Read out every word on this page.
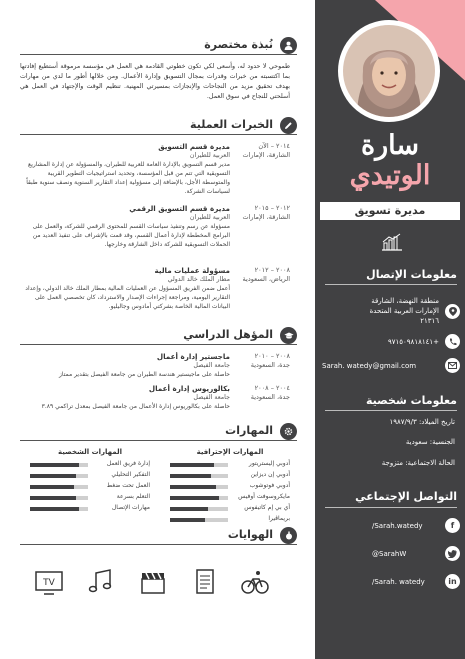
سارة
الوتيدي
مديرة تسويق
معلومات الإتصال
منطقة النهضة، الشارقة
الإمارات العربية المتحدة
٢١٣١٦
+٩٧١٥٠٩٨١٨١٤١
Sarah. watedy@gmail.com
معلومات شخصية
تاريخ الميلاد: ١٩٨٧/٩/٣
الجنسية: سعودية
الحالة الاجتماعية: متزوجة
التواصل الإجتماعي
/Sarah.watedy	f
@SarahW
/Sarah. watedy	in
نُبذة مختصرة
طموحي لا حدود له، وأسعى لكي تكون خطوتي القادمة هي العمل في مؤسسة مرموقة أستطيع إفادتها بما اكتسبته من خبرات وقدرات بمجال التسويق وإدارة الأعمال. ومن خلالها أطور ما لدي من مهارات بهدف تحقيق مزيد من النجاحات والإنجازات بمسيرتي المهنية. تنظيم الوقت والإجتهاد في العمل هي أسلحتي للنجاح في سوق العمل.
الخبرات العملية
٢٠١٤ – الآن
الشارقة، الإمارات
مديرة قسم التسويق
العربية للطيران
مدير قسم التسويق بالإدارة العامة للعربية للطيران، والمسؤولة عن إدارة المشاريع التسويقية التي تتم من قبل المؤسسة، وتحديد استراتيجيات التطوير القريبة والمتوسطة الأجل، بالإضافة إلى مسؤولية إعداد التقارير السنوية ونصف سنوية طبقاً لسياسات الشركة.
٢٠١٢ – ٢٠١٥
الشارقة، الإمارات
مديرة قسم التسويق الرقمي
العربية للطيران
مسؤولة عن رسم وتنفيذ سياسات القسم للمحتوى الرقمي للشركة، والعمل على البرامج المخططة لإدارة أعمال القسم، وقد قمت بالإشراف على تنفيذ العديد من الحملات التسويقية للشركة داخل الشارقة وخارجها.
٢٠٠٨ – ٢٠١٢
الرياض، السعودية
مسؤولة عمليات مالية
مطار الملك خالد الدولي
أعمل ضمن الفريق المسؤول عن العمليات المالية بمطار الملك خالد الدولي، وإعداد التقارير اليومية، ومراجعة إجراءات الإصدار والاسترداد، كان تخصصي العمل على البيانات المالية الخاصة بشركتي أمادوس وجاليليو.
المؤهل الدراسي
٢٠٠٨ – ٢٠١٠
جدة، السعودية
ماجستير إدارة أعمال
جامعة الفيصل
حاصلة على ماجيستير هندسة الطيران من جامعة الفيصل بتقدير ممتاز
٢٠٠٤ – ٢٠٠٨
جدة، السعودية
بكالوريوس إدارة أعمال
جامعة الفيصل
حاصلة على بكالوريوس إدارة الأعمال من جامعة الفيصل بمعدل تراكمي ٣.٨٩
المهارات
المهارات الإحترافية
أدوبي إليستريتور
أدوبي إن ديزاين
أدوبي فوتوشوب
مايكروسوفت أوفيس
أي بي إم كاتيفوس
بريماڤيرا
المهارات الشخصية
إدارة فريق العمل
التفكير التحليلي
العمل تحت ضغط
التعلم بسرعة
مهارات الإتصال
الهوايات
TV
